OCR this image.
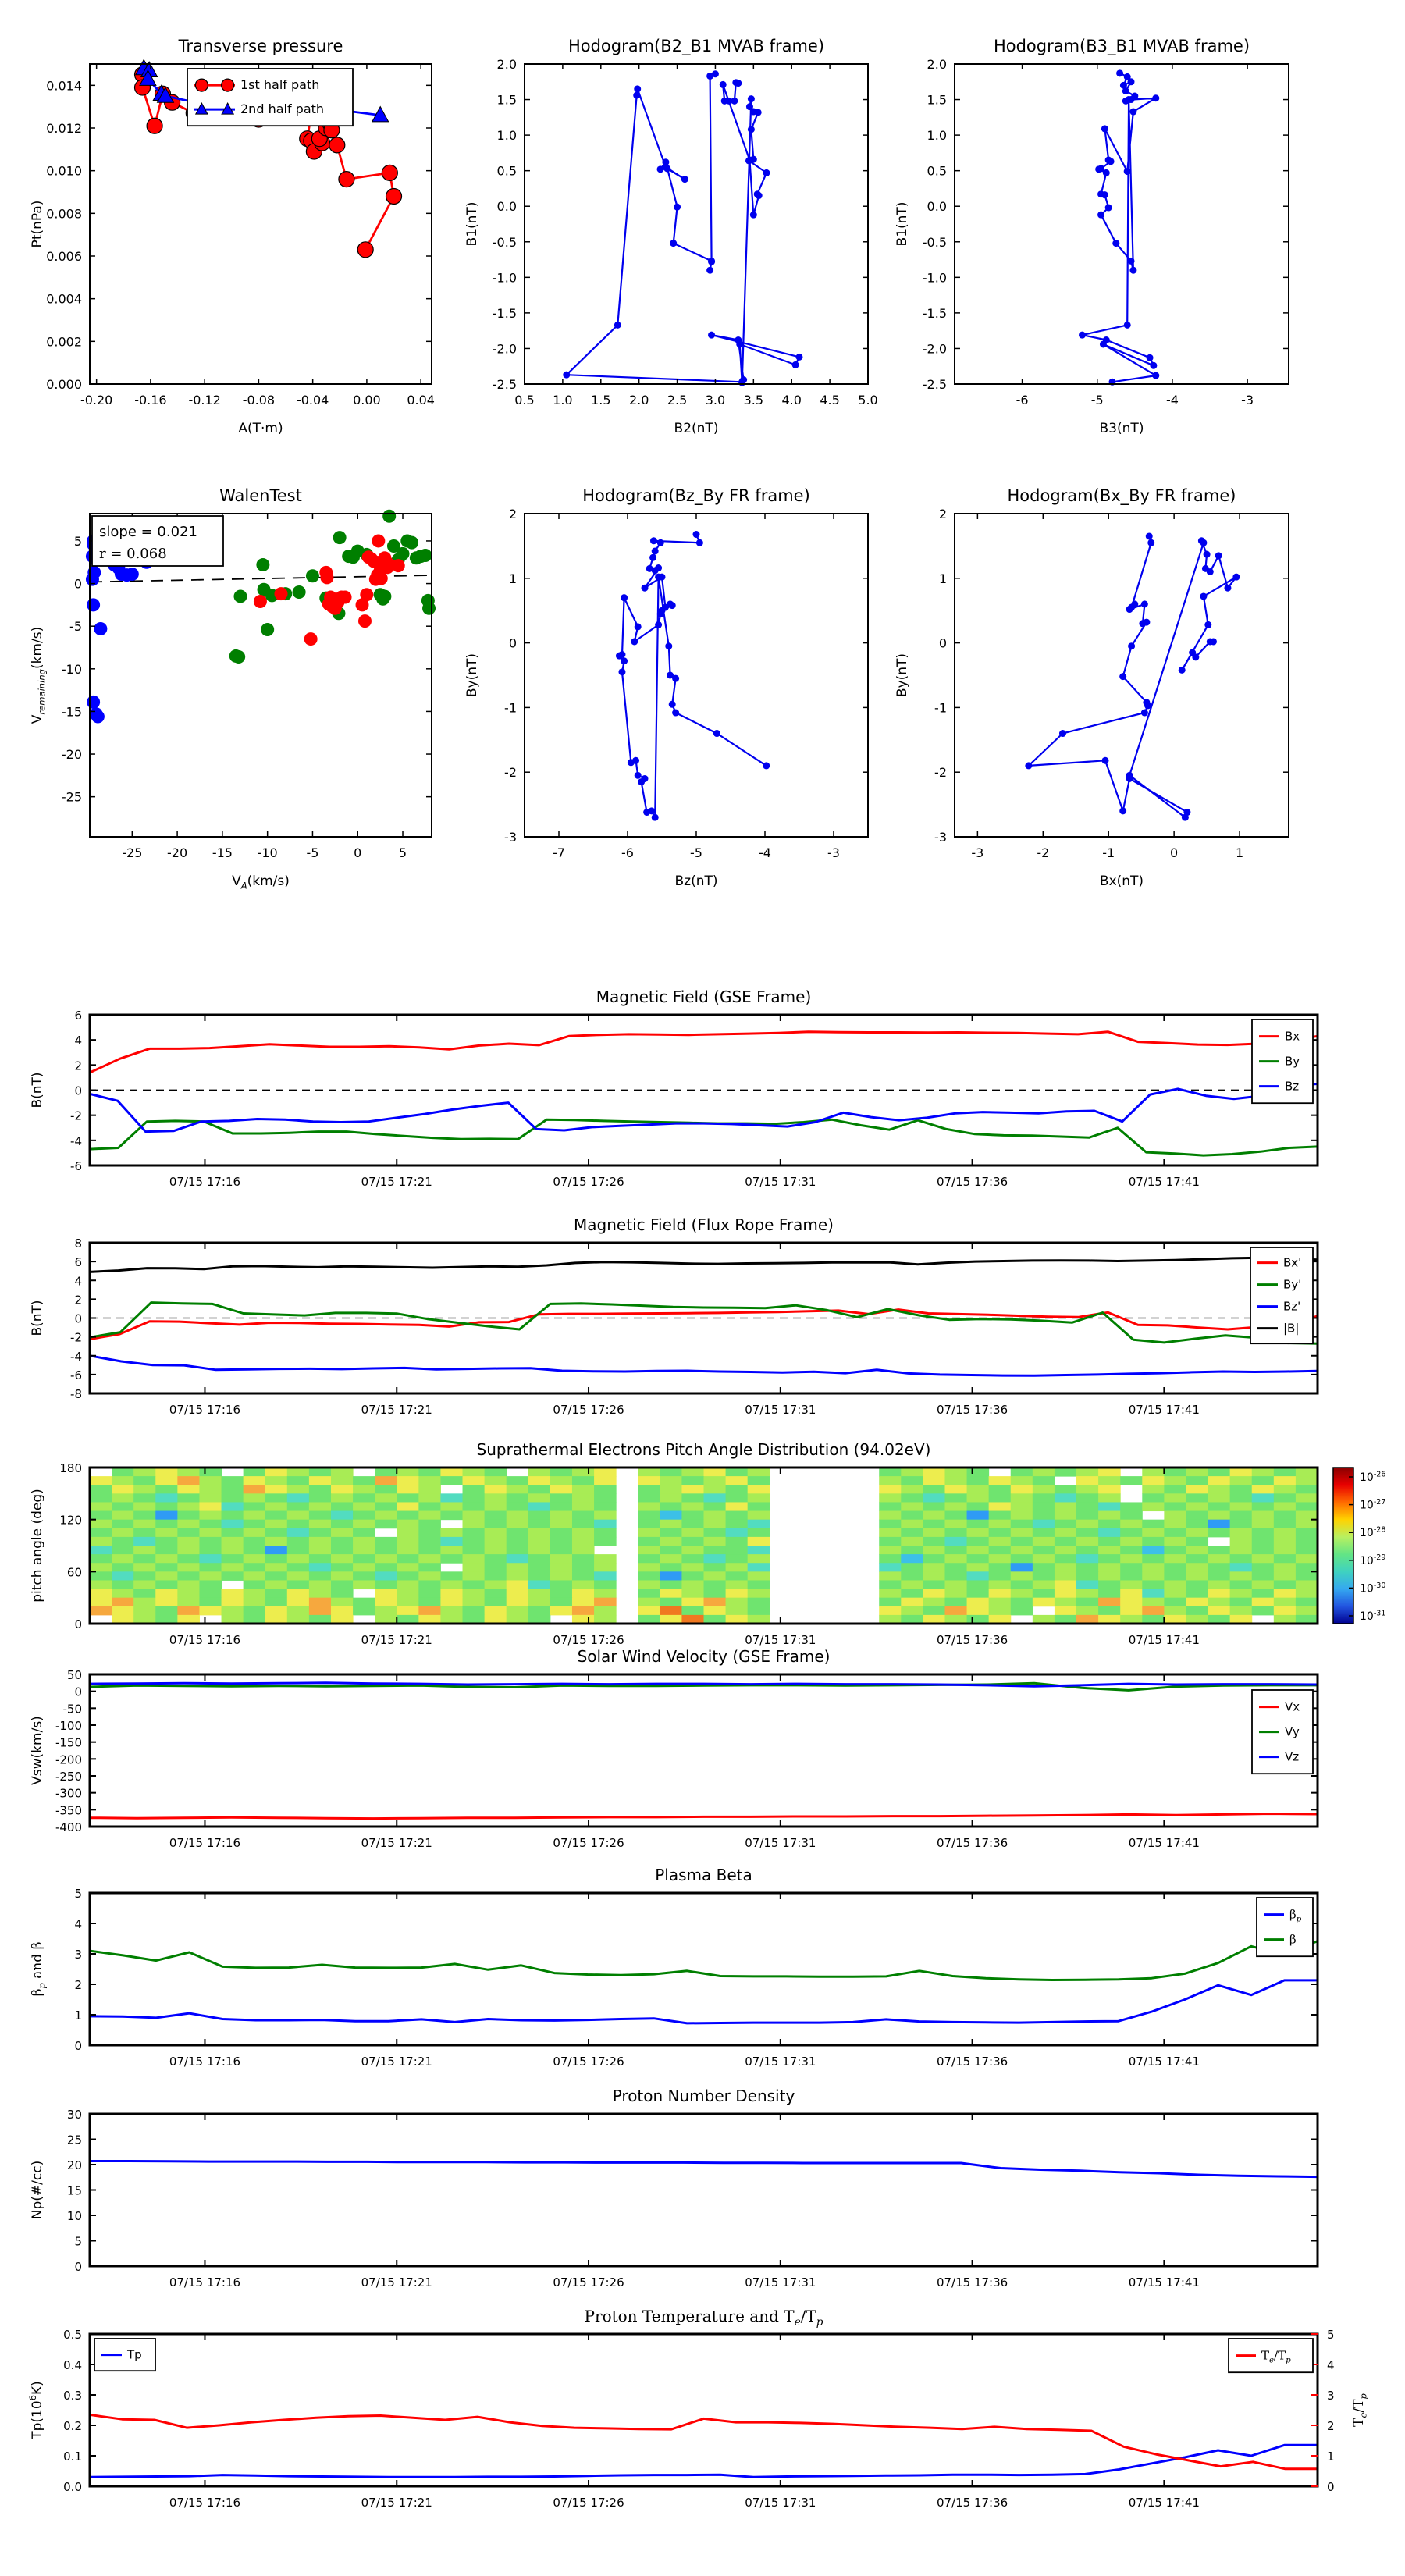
-0.20 -0.16 -0.12 -0.08 -0.04 0.00 0.04
0.000
0.002
0.004
0.006
0.008
0.010
0.012
0.014
Transverse pressure
A(T·m)
Pt(nPa)
1st half path
2nd half path
0.5 1.0 1.5 2.0 2.5 3.0 3.5 4.0 4.5 5.0
-2.5
-2.0
-1.5
-1.0
-0.5
0.0
0.5
1.0
1.5
2.0
Hodogram(B2_B1 MVAB frame)
B2(nT)
B1(nT)
-6	-5	-4	-3
-2.5
-2.0
-1.5
-1.0
-0.5
0.0
0.5
1.0
1.5
2.0
Hodogram(B3_B1 MVAB frame)
B3(nT)
B1(nT)
-25 -20 -15 -10 -5	0	5
5
0
-5
-10
-15
-20
-25
WalenTest
$V_A(km/s)$
$V_{remaining}(km/s)$
slope = 0.021
r = 0.068
-7	-6	-5	-4	-3
-3
-2
-1
0
1
2
Hodogram(Bz_By FR frame)
Bz(nT)
By(nT)
-3	-2	-1	0	1
-3
-2
-1
0
1
2
Hodogram(Bx_By FR frame)
Bx(nT)
By(nT)
07/15 17:16	07/15 17:21	07/15 17:26	07/15 17:31	07/15 17:36	07/15 17:41
-6
-4
-2
0
2
4
6
Magnetic Field (GSE Frame)
B(nT)
Bx
By
Bz
07/15 17:16	07/15 17:21	07/15 17:26	07/15 17:31	07/15 17:36	07/15 17:41
-8
-6
-4
-2
0
2
4
6
8
Magnetic Field (Flux Rope Frame)
B(nT)
Bx'
By'
Bz'
|B|
07/15 17:16	07/15 17:21	07/15 17:26	07/15 17:31	07/15 17:36	07/15 17:41
0
60
120
180
Suprathermal Electrons Pitch Angle Distribution (94.02eV)
pitch angle (deg)
$10^{-26}$
$10^{-27}$
$10^{-28}$
$10^{-29}$
$10^{-30}$
$10^{-31}$
07/15 17:16	07/15 17:21	07/15 17:26	07/15 17:31	07/15 17:36	07/15 17:41
50
0
-50
-100
-150
-200
-250
-300
-350
-400
Solar Wind Velocity (GSE Frame)
Vsw(km/s)
Vx
Vy
Vz
07/15 17:16	07/15 17:21	07/15 17:26	07/15 17:31	07/15 17:36	07/15 17:41
0
1
2
3
4
5
Plasma Beta
$\beta_p$ and β
$\beta_p$
β
07/15 17:16	07/15 17:21	07/15 17:26	07/15 17:31	07/15 17:36	07/15 17:41
0
5
10
15
20
25
30
Proton Number Density
Np(#/cc)
07/15 17:16	07/15 17:21	07/15 17:26	07/15 17:31	07/15 17:36	07/15 17:41
0.0
0.1
0.2
0.3
0.4
0.5
0
1
2
3
4
5
$T_e/T_p$
Proton Temperature and $T_e/T_p$
$Tp(10^6K)$
Tp	$T_e/T_p$
